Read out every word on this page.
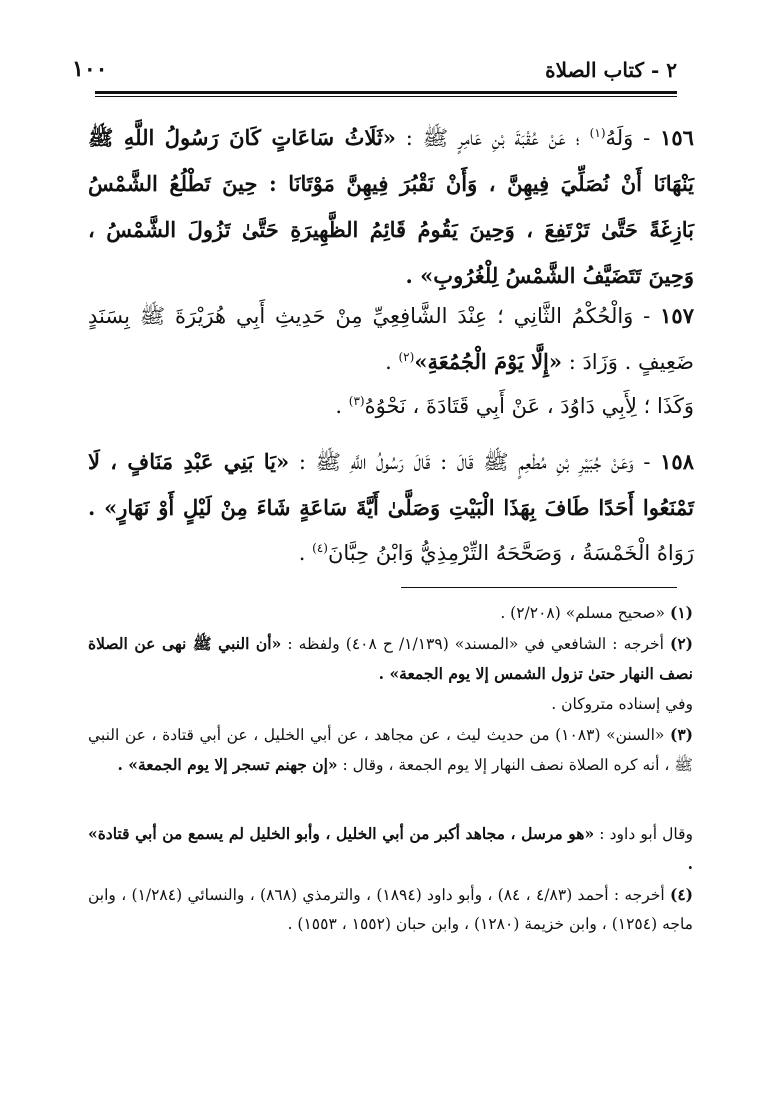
٢ - كتاب الصلاة
١٠٠
١٥٦ - وَلَهُ$^{(١)}$ ؛ عَنْ عُقْبَةَ بْنِ عَامِرٍ ﷺ : «ثَلَاثُ سَاعَاتٍ كَانَ رَسُولُ اللَّهِ ﷺ يَنْهَانَا أَنْ نُصَلِّيَ فِيهِنَّ ، وَأَنْ نَقْبُرَ فِيهِنَّ مَوْتَانَا : حِينَ تَطْلُعُ الشَّمْسُ بَازِغَةً حَتَّىٰ تَرْتَفِعَ ، وَحِينَ يَقُومُ قَائِمُ الظَّهِيرَةِ حَتَّىٰ تَزُولَ الشَّمْسُ ، وَحِينَ تَتَضَيَّفُ الشَّمْسُ لِلْغُرُوبِ» .
١٥٧ - وَالْحُكْمُ الثَّانِي ؛ عِنْدَ الشَّافِعِيِّ مِنْ حَدِيثِ أَبِي هُرَيْرَةَ ﷺ بِسَنَدٍ ضَعِيفٍ . وَزَادَ : «إِلَّا يَوْمَ الْجُمُعَةِ»$^{(٢)}$ .
وَكَذَا ؛ لِأَبِي دَاوُدَ ، عَنْ أَبِي قَتَادَةَ ، نَحْوُهُ$^{(٣)}$ .
١٥٨ - وَعَنْ جُبَيْرِ بْنِ مُطْعِمٍ ﷺ قَالَ : قَالَ رَسُولُ اللَّهِ ﷺ : «يَا بَنِي عَبْدِ مَنَافٍ ، لَا تَمْنَعُوا أَحَدًا طَافَ بِهَذَا الْبَيْتِ وَصَلَّىٰ أَيَّةَ سَاعَةٍ شَاءَ مِنْ لَيْلٍ أَوْ نَهَارٍ» . رَوَاهُ الْخَمْسَةُ ، وَصَحَّحَهُ التِّرْمِذِيُّ وَابْنُ حِبَّانَ$^{(٤)}$ .
(١) «صحيح مسلم» (٢/٢٠٨) .
(٢) أخرجه : الشافعي في «المسند» (١/١٣٩/ ح ٤٠٨) ولفظه : «أن النبي ﷺ نهى عن الصلاة نصف النهار حتىٰ تزول الشمس إلا يوم الجمعة» .
وفي إسناده متروكان .
(٣) «السنن» (١٠٨٣) من حديث ليث ، عن مجاهد ، عن أبي الخليل ، عن أبي قتادة ، عن النبي ﷺ ، أنه كره الصلاة نصف النهار إلا يوم الجمعة ، وقال : «إن جهنم تسجر إلا يوم الجمعة» .
وقال أبو داود : «هو مرسل ، مجاهد أكبر من أبي الخليل ، وأبو الخليل لم يسمع من أبي قتادة» .
(٤) أخرجه : أحمد (٤/٨٣ ، ٨٤) ، وأبو داود (١٨٩٤) ، والترمذي (٨٦٨) ، والنسائي (١/٢٨٤) ، وابن ماجه (١٢٥٤) ، وابن خزيمة (١٢٨٠) ، وابن حبان (١٥٥٢ ، ١٥٥٣) .
